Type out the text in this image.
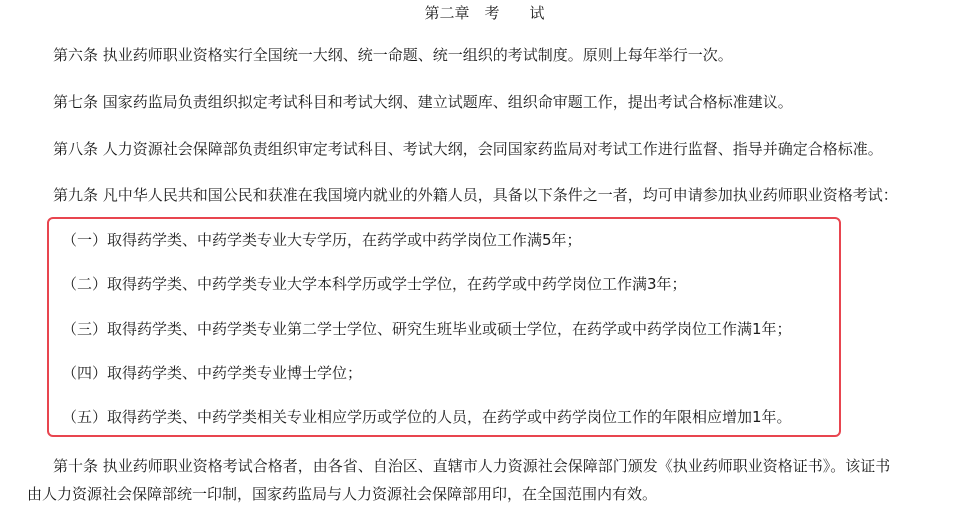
第二章　考　　试
第六条 执业药师职业资格实行全国统一大纲、统一命题、统一组织的考试制度。原则上每年举行一次。
第七条 国家药监局负责组织拟定考试科目和考试大纲、建立试题库、组织命审题工作，提出考试合格标准建议。
第八条 人力资源社会保障部负责组织审定考试科目、考试大纲，会同国家药监局对考试工作进行监督、指导并确定合格标准。
第九条 凡中华人民共和国公民和获准在我国境内就业的外籍人员，具备以下条件之一者，均可申请参加执业药师职业资格考试：
（一）取得药学类、中药学类专业大专学历，在药学或中药学岗位工作满5年；
（二）取得药学类、中药学类专业大学本科学历或学士学位，在药学或中药学岗位工作满3年；
（三）取得药学类、中药学类专业第二学士学位、研究生班毕业或硕士学位，在药学或中药学岗位工作满1年；
（四）取得药学类、中药学类专业博士学位；
（五）取得药学类、中药学类相关专业相应学历或学位的人员，在药学或中药学岗位工作的年限相应增加1年。
第十条 执业药师职业资格考试合格者，由各省、自治区、直辖市人力资源社会保障部门颁发《执业药师职业资格证书》。该证书
由人力资源社会保障部统一印制，国家药监局与人力资源社会保障部用印，在全国范围内有效。
